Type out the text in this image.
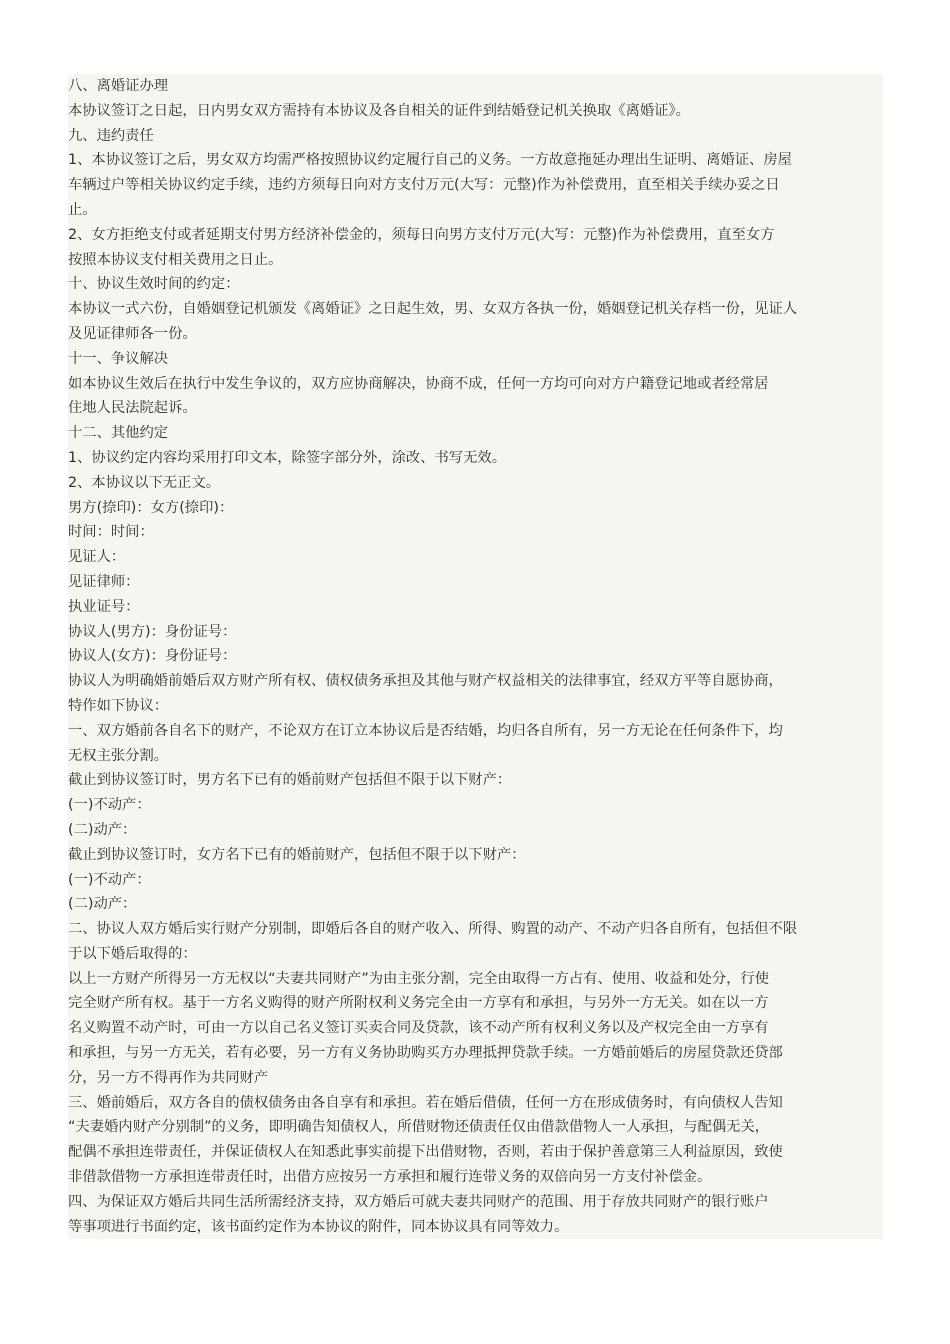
八、离婚证办理
本协议签订之日起，日内男女双方需持有本协议及各自相关的证件到结婚登记机关换取《离婚证》。
九、违约责任
1、本协议签订之后，男女双方均需严格按照协议约定履行自己的义务。一方故意拖延办理出生证明、离婚证、房屋
车辆过户等相关协议约定手续，违约方须每日向对方支付万元(大写：元整)作为补偿费用，直至相关手续办妥之日
止。
2、女方拒绝支付或者延期支付男方经济补偿金的，须每日向男方支付万元(大写：元整)作为补偿费用，直至女方
按照本协议支付相关费用之日止。
十、协议生效时间的约定：
本协议一式六份，自婚姻登记机颁发《离婚证》之日起生效，男、女双方各执一份，婚姻登记机关存档一份，见证人
及见证律师各一份。
十一、争议解决
如本协议生效后在执行中发生争议的，双方应协商解决，协商不成，任何一方均可向对方户籍登记地或者经常居
住地人民法院起诉。
十二、其他约定
1、协议约定内容均采用打印文本，除签字部分外，涂改、书写无效。
2、本协议以下无正文。
男方(捺印)：女方(捺印)：
时间：时间：
见证人：
见证律师：
执业证号：
协议人(男方)：身份证号：
协议人(女方)：身份证号：
协议人为明确婚前婚后双方财产所有权、债权债务承担及其他与财产权益相关的法律事宜，经双方平等自愿协商，
特作如下协议：
一、双方婚前各自名下的财产，不论双方在订立本协议后是否结婚，均归各自所有，另一方无论在任何条件下，均
无权主张分割。
截止到协议签订时，男方名下已有的婚前财产包括但不限于以下财产：
(一)不动产：
(二)动产：
截止到协议签订时，女方名下已有的婚前财产，包括但不限于以下财产：
(一)不动产：
(二)动产：
二、协议人双方婚后实行财产分别制，即婚后各自的财产收入、所得、购置的动产、不动产归各自所有，包括但不限
于以下婚后取得的：
以上一方财产所得另一方无权以“夫妻共同财产”为由主张分割，完全由取得一方占有、使用、收益和处分，行使
完全财产所有权。基于一方名义购得的财产所附权利义务完全由一方享有和承担，与另外一方无关。如在以一方
名义购置不动产时，可由一方以自己名义签订买卖合同及贷款，该不动产所有权利义务以及产权完全由一方享有
和承担，与另一方无关，若有必要，另一方有义务协助购买方办理抵押贷款手续。一方婚前婚后的房屋贷款还贷部
分，另一方不得再作为共同财产
三、婚前婚后，双方各自的债权债务由各自享有和承担。若在婚后借债，任何一方在形成债务时，有向债权人告知
“夫妻婚内财产分别制”的义务，即明确告知债权人，所借财物还债责任仅由借款借物人一人承担，与配偶无关，
配偶不承担连带责任，并保证债权人在知悉此事实前提下出借财物，否则，若由于保护善意第三人利益原因，致使
非借款借物一方承担连带责任时，出借方应按另一方承担和履行连带义务的双倍向另一方支付补偿金。
四、为保证双方婚后共同生活所需经济支持，双方婚后可就夫妻共同财产的范围、用于存放共同财产的银行账户
等事项进行书面约定，该书面约定作为本协议的附件，同本协议具有同等效力。
